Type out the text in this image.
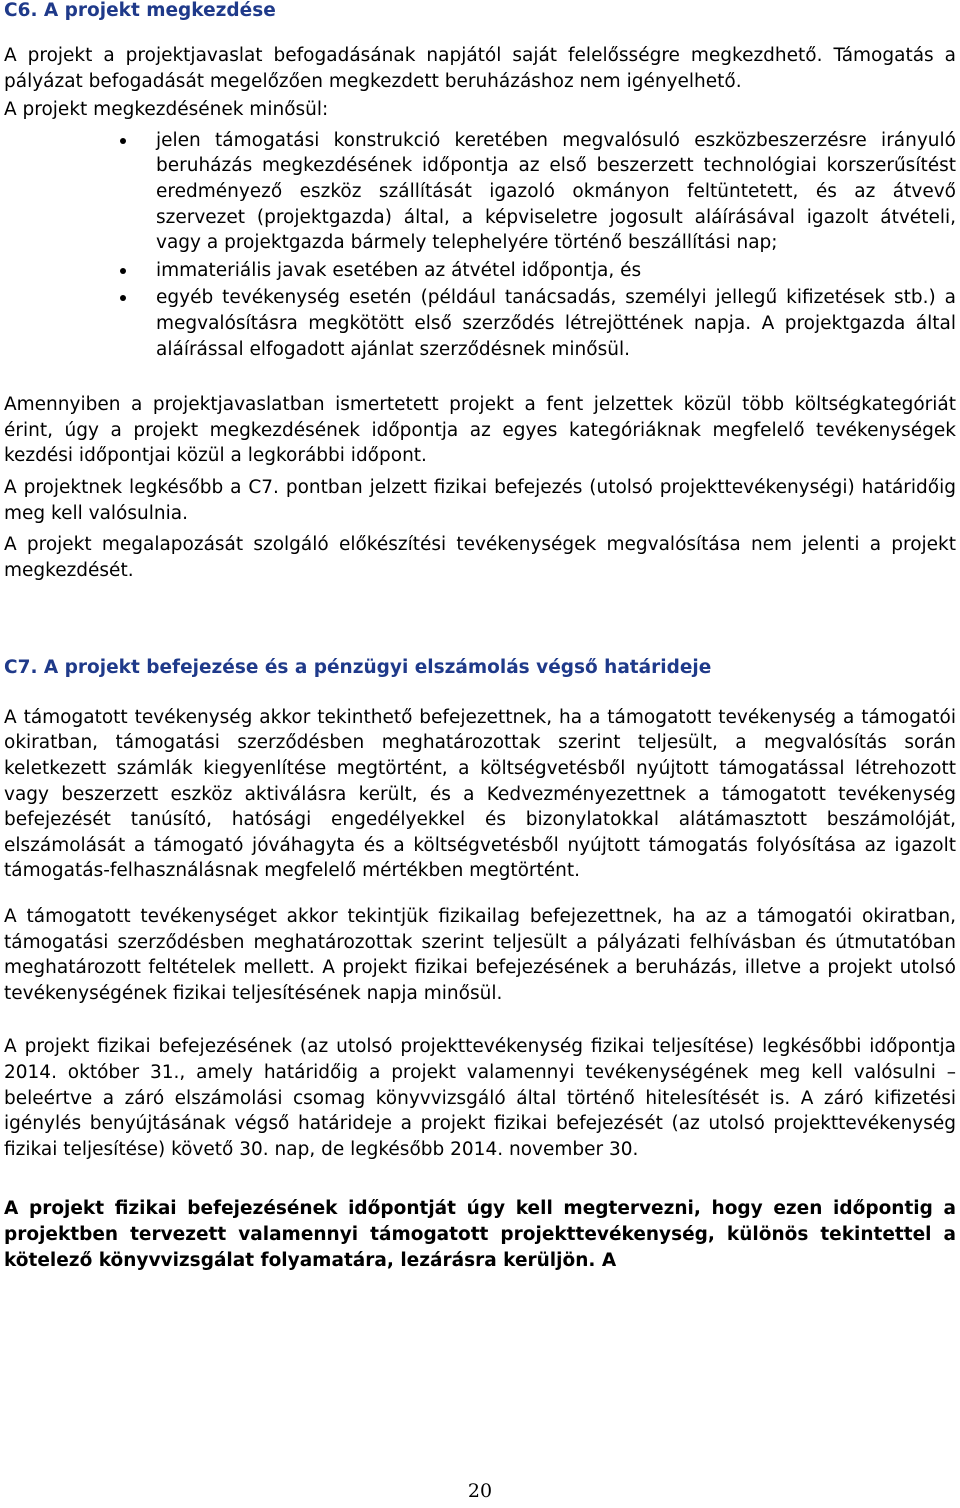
C6. A projekt megkezdése

A projekt a projektjavaslat befogadásának napjától saját felelősségre megkezdhető. Támogatás a pályázat befogadását megelőzően megkezdett beruházáshoz nem igényelhető.

A projekt megkezdésének minősül:

jelen támogatási konstrukció keretében megvalósuló eszközbeszerzésre irányuló beruházás megkezdésének időpontja az első beszerzett technológiai korszerűsítést eredményező eszköz szállítását igazoló okmányon feltüntetett, és az átvevő szervezet (projektgazda) által, a képviseletre jogosult aláírásával igazolt átvételi, vagy a projektgazda bármely telephelyére történő beszállítási nap;
immateriális javak esetében az átvétel időpontja, és
egyéb tevékenység esetén (például tanácsadás, személyi jellegű kifizetések stb.) a megvalósításra megkötött első szerződés létrejöttének napja. A projektgazda által aláírással elfogadott ajánlat szerződésnek minősül.

Amennyiben a projektjavaslatban ismertetett projekt a fent jelzettek közül több költségkategóriát érint, úgy a projekt megkezdésének időpontja az egyes kategóriáknak megfelelő tevékenységek kezdési időpontjai közül a legkorábbi időpont.

A projektnek legkésőbb a C7. pontban jelzett fizikai befejezés (utolsó projekttevékenységi) határidőig meg kell valósulnia.

A projekt megalapozását szolgáló előkészítési tevékenységek megvalósítása nem jelenti a projekt megkezdését.

C7. A projekt befejezése és a pénzügyi elszámolás végső határideje

A támogatott tevékenység akkor tekinthető befejezettnek, ha a támogatott tevékenység a támogatói okiratban, támogatási szerződésben meghatározottak szerint teljesült, a megvalósítás során keletkezett számlák kiegyenlítése megtörtént, a költségvetésből nyújtott támogatással létrehozott vagy beszerzett eszköz aktiválásra került, és a Kedvezményezettnek a támogatott tevékenység befejezését tanúsító, hatósági engedélyekkel és bizonylatokkal alátámasztott beszámolóját, elszámolását a támogató jóváhagyta és a költségvetésből nyújtott támogatás folyósítása az igazolt támogatás-felhasználásnak megfelelő mértékben megtörtént.

A támogatott tevékenységet akkor tekintjük fizikailag befejezettnek, ha az a támogatói okiratban, támogatási szerződésben meghatározottak szerint teljesült a pályázati felhívásban és útmutatóban meghatározott feltételek mellett. A projekt fizikai befejezésének a beruházás, illetve a projekt utolsó tevékenységének fizikai teljesítésének napja minősül.

A projekt fizikai befejezésének (az utolsó projekttevékenység fizikai teljesítése) legkésőbbi időpontja 2014. október 31., amely határidőig a projekt valamennyi tevékenységének meg kell valósulni – beleértve a záró elszámolási csomag könyvvizsgáló által történő hitelesítését is. A záró kifizetési igénylés benyújtásának végső határideje a projekt fizikai befejezését (az utolsó projekttevékenység fizikai teljesítése) követő 30. nap, de legkésőbb 2014. november 30.

A projekt fizikai befejezésének időpontját úgy kell megtervezni, hogy ezen időpontig a projektben tervezett valamennyi támogatott projekttevékenység, különös tekintettel a kötelező könyvvizsgálat folyamatára, lezárásra kerüljön. A

20
